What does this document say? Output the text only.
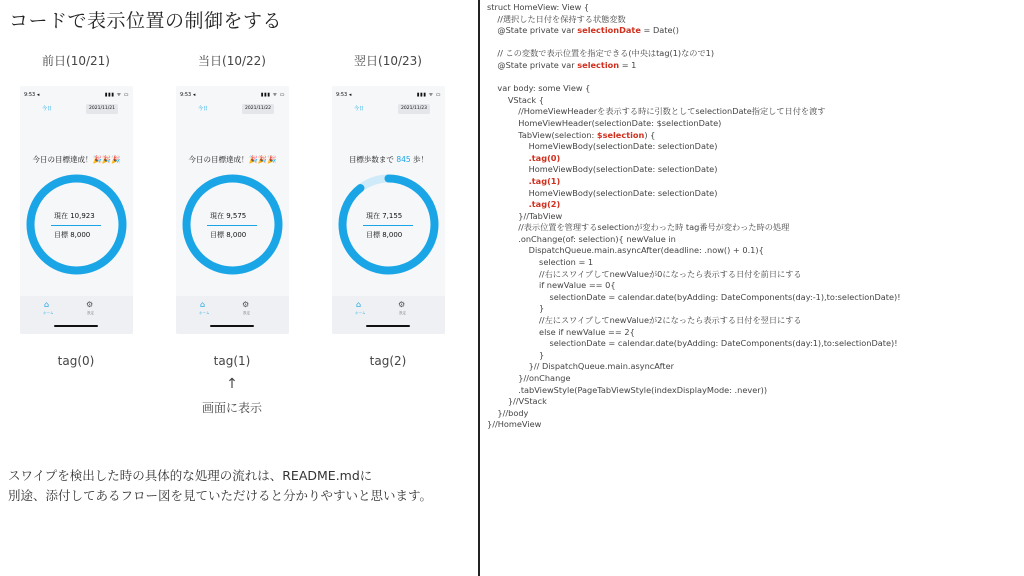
コードで表示位置の制御をする
前日(10/21)	当日(10/22)	翌日(10/23)
9:53 ◂	▮▮▮ ᯤ ▭
今日	2021/11/21
今日の目標達成！🎉🎉🎉
現在 10,923
目標 8,000
⌂
ホーム
⚙
設定
9:53 ◂	▮▮▮ ᯤ ▭
今日	2021/11/22
今日の目標達成！🎉🎉🎉
現在 9,575
目標 8,000
⌂
ホーム
⚙
設定
9:53 ◂	▮▮▮ ᯤ ▭
今日	2021/11/23
目標歩数まで 845 歩！
現在 7,155
目標 8,000
⌂
ホーム
⚙
設定
tag(0)	tag(1)	tag(2)
↑
画面に表示
スワイプを検出した時の具体的な処理の流れは、README.mdに
別途、添付してあるフロー図を見ていただけると分かりやすいと思います。
struct HomeView: View {
//選択した日付を保持する状態変数
@State private var selectionDate = Date()
// この変数で表示位置を指定できる(中央はtag(1)なので1)
@State private var selection = 1
var body: some View {
VStack {
//HomeViewHeaderを表示する時に引数としてselectionDate指定して日付を渡す
HomeViewHeader(selectionDate: $selectionDate)
TabView(selection: $selection) {
HomeViewBody(selectionDate: selectionDate)
.tag(0)
HomeViewBody(selectionDate: selectionDate)
.tag(1)
HomeViewBody(selectionDate: selectionDate)
.tag(2)
}//TabView
//表示位置を管理するselectionが変わった時 tag番号が変わった時の処理
.onChange(of: selection){ newValue in
DispatchQueue.main.asyncAfter(deadline: .now() + 0.1){
selection = 1
//右にスワイプしてnewValueが0になったら表示する日付を前日にする
if newValue == 0{
selectionDate = calendar.date(byAdding: DateComponents(day:-1),to:selectionDate)!
}
//左にスワイプしてnewValueが2になったら表示する日付を翌日にする
else if newValue == 2{
selectionDate = calendar.date(byAdding: DateComponents(day:1),to:selectionDate)!
}
}// DispatchQueue.main.asyncAfter
}//onChange
.tabViewStyle(PageTabViewStyle(indexDisplayMode: .never))
}//VStack
}//body
}//HomeView
